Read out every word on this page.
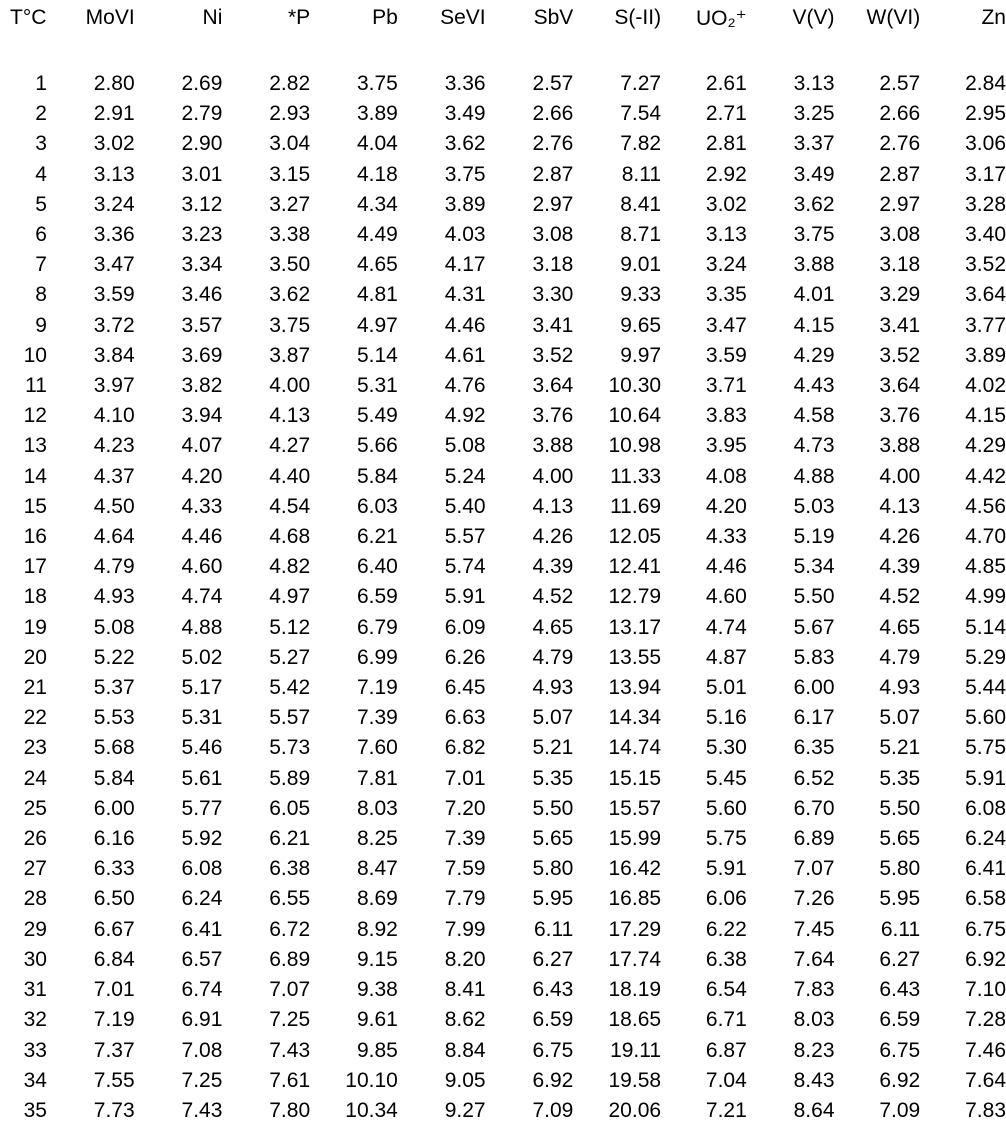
T°C	MoVI	Ni	*P	Pb	SeVI	SbV	S(-II)	UO₂⁺	V(V)	W(VI)	Zn

1	2.80	2.69	2.82	3.75	3.36	2.57	7.27	2.61	3.13	2.57	2.84
2	2.91	2.79	2.93	3.89	3.49	2.66	7.54	2.71	3.25	2.66	2.95
3	3.02	2.90	3.04	4.04	3.62	2.76	7.82	2.81	3.37	2.76	3.06
4	3.13	3.01	3.15	4.18	3.75	2.87	8.11	2.92	3.49	2.87	3.17
5	3.24	3.12	3.27	4.34	3.89	2.97	8.41	3.02	3.62	2.97	3.28
6	3.36	3.23	3.38	4.49	4.03	3.08	8.71	3.13	3.75	3.08	3.40
7	3.47	3.34	3.50	4.65	4.17	3.18	9.01	3.24	3.88	3.18	3.52
8	3.59	3.46	3.62	4.81	4.31	3.30	9.33	3.35	4.01	3.29	3.64
9	3.72	3.57	3.75	4.97	4.46	3.41	9.65	3.47	4.15	3.41	3.77
10	3.84	3.69	3.87	5.14	4.61	3.52	9.97	3.59	4.29	3.52	3.89
11	3.97	3.82	4.00	5.31	4.76	3.64	10.30	3.71	4.43	3.64	4.02
12	4.10	3.94	4.13	5.49	4.92	3.76	10.64	3.83	4.58	3.76	4.15
13	4.23	4.07	4.27	5.66	5.08	3.88	10.98	3.95	4.73	3.88	4.29
14	4.37	4.20	4.40	5.84	5.24	4.00	11.33	4.08	4.88	4.00	4.42
15	4.50	4.33	4.54	6.03	5.40	4.13	11.69	4.20	5.03	4.13	4.56
16	4.64	4.46	4.68	6.21	5.57	4.26	12.05	4.33	5.19	4.26	4.70
17	4.79	4.60	4.82	6.40	5.74	4.39	12.41	4.46	5.34	4.39	4.85
18	4.93	4.74	4.97	6.59	5.91	4.52	12.79	4.60	5.50	4.52	4.99
19	5.08	4.88	5.12	6.79	6.09	4.65	13.17	4.74	5.67	4.65	5.14
20	5.22	5.02	5.27	6.99	6.26	4.79	13.55	4.87	5.83	4.79	5.29
21	5.37	5.17	5.42	7.19	6.45	4.93	13.94	5.01	6.00	4.93	5.44
22	5.53	5.31	5.57	7.39	6.63	5.07	14.34	5.16	6.17	5.07	5.60
23	5.68	5.46	5.73	7.60	6.82	5.21	14.74	5.30	6.35	5.21	5.75
24	5.84	5.61	5.89	7.81	7.01	5.35	15.15	5.45	6.52	5.35	5.91
25	6.00	5.77	6.05	8.03	7.20	5.50	15.57	5.60	6.70	5.50	6.08
26	6.16	5.92	6.21	8.25	7.39	5.65	15.99	5.75	6.89	5.65	6.24
27	6.33	6.08	6.38	8.47	7.59	5.80	16.42	5.91	7.07	5.80	6.41
28	6.50	6.24	6.55	8.69	7.79	5.95	16.85	6.06	7.26	5.95	6.58
29	6.67	6.41	6.72	8.92	7.99	6.11	17.29	6.22	7.45	6.11	6.75
30	6.84	6.57	6.89	9.15	8.20	6.27	17.74	6.38	7.64	6.27	6.92
31	7.01	6.74	7.07	9.38	8.41	6.43	18.19	6.54	7.83	6.43	7.10
32	7.19	6.91	7.25	9.61	8.62	6.59	18.65	6.71	8.03	6.59	7.28
33	7.37	7.08	7.43	9.85	8.84	6.75	19.11	6.87	8.23	6.75	7.46
34	7.55	7.25	7.61	10.10	9.05	6.92	19.58	7.04	8.43	6.92	7.64
35	7.73	7.43	7.80	10.34	9.27	7.09	20.06	7.21	8.64	7.09	7.83
